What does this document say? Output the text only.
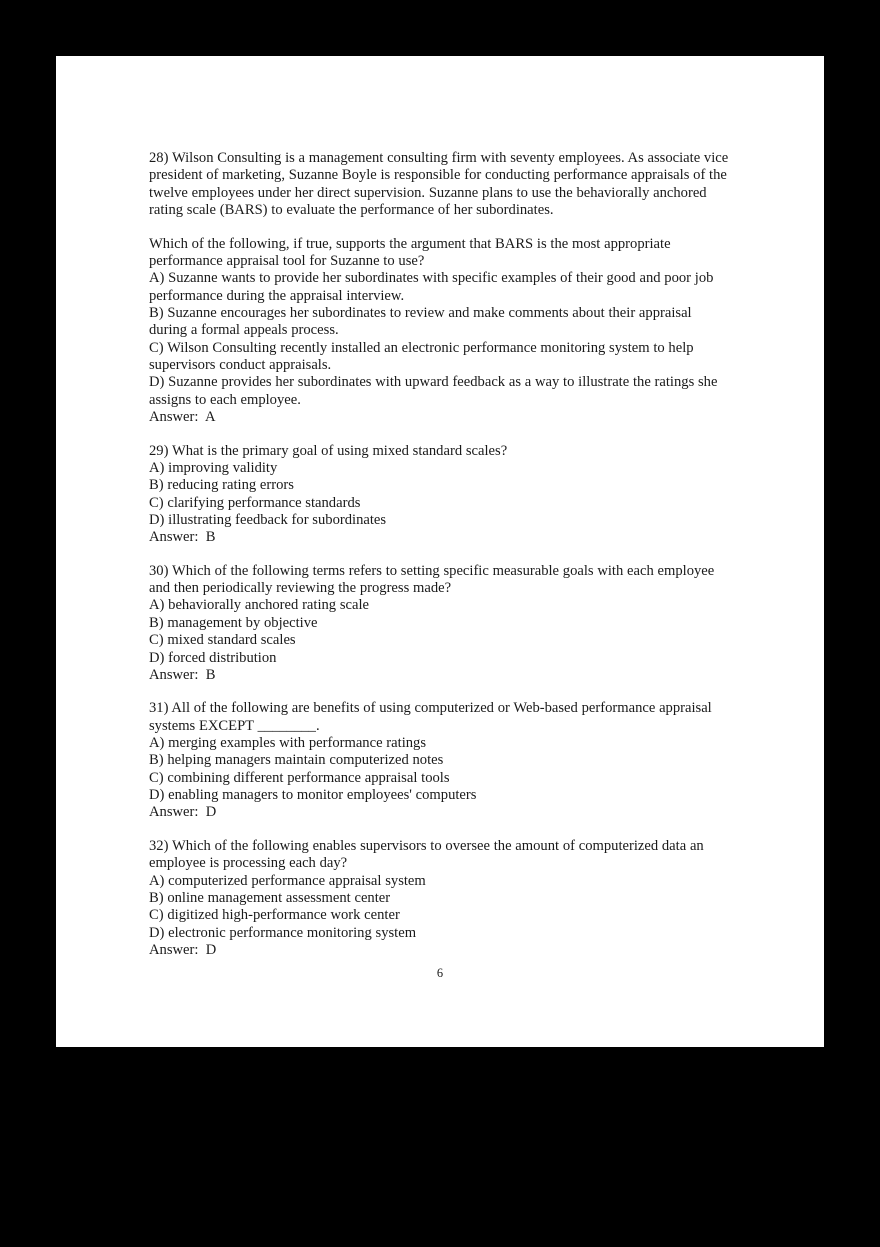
28) Wilson Consulting is a management consulting firm with seventy employees. As associate vice president of marketing, Suzanne Boyle is responsible for conducting performance appraisals of the twelve employees under her direct supervision. Suzanne plans to use the behaviorally anchored rating scale (BARS) to evaluate the performance of her subordinates.

Which of the following, if true, supports the argument that BARS is the most appropriate performance appraisal tool for Suzanne to use?

A) Suzanne wants to provide her subordinates with specific examples of their good and poor job performance during the appraisal interview.

B) Suzanne encourages her subordinates to review and make comments about their appraisal during a formal appeals process.

C) Wilson Consulting recently installed an electronic performance monitoring system to help supervisors conduct appraisals.

D) Suzanne provides her subordinates with upward feedback as a way to illustrate the ratings she assigns to each employee.

Answer:  A

29) What is the primary goal of using mixed standard scales?

A) improving validity

B) reducing rating errors

C) clarifying performance standards

D) illustrating feedback for subordinates

Answer:  B

30) Which of the following terms refers to setting specific measurable goals with each employee and then periodically reviewing the progress made?

A) behaviorally anchored rating scale

B) management by objective

C) mixed standard scales

D) forced distribution

Answer:  B

31) All of the following are benefits of using computerized or Web-based performance appraisal systems EXCEPT ________.

A) merging examples with performance ratings

B) helping managers maintain computerized notes

C) combining different performance appraisal tools

D) enabling managers to monitor employees' computers

Answer:  D

32) Which of the following enables supervisors to oversee the amount of computerized data an employee is processing each day?

A) computerized performance appraisal system

B) online management assessment center

C) digitized high-performance work center

D) electronic performance monitoring system

Answer:  D

6
